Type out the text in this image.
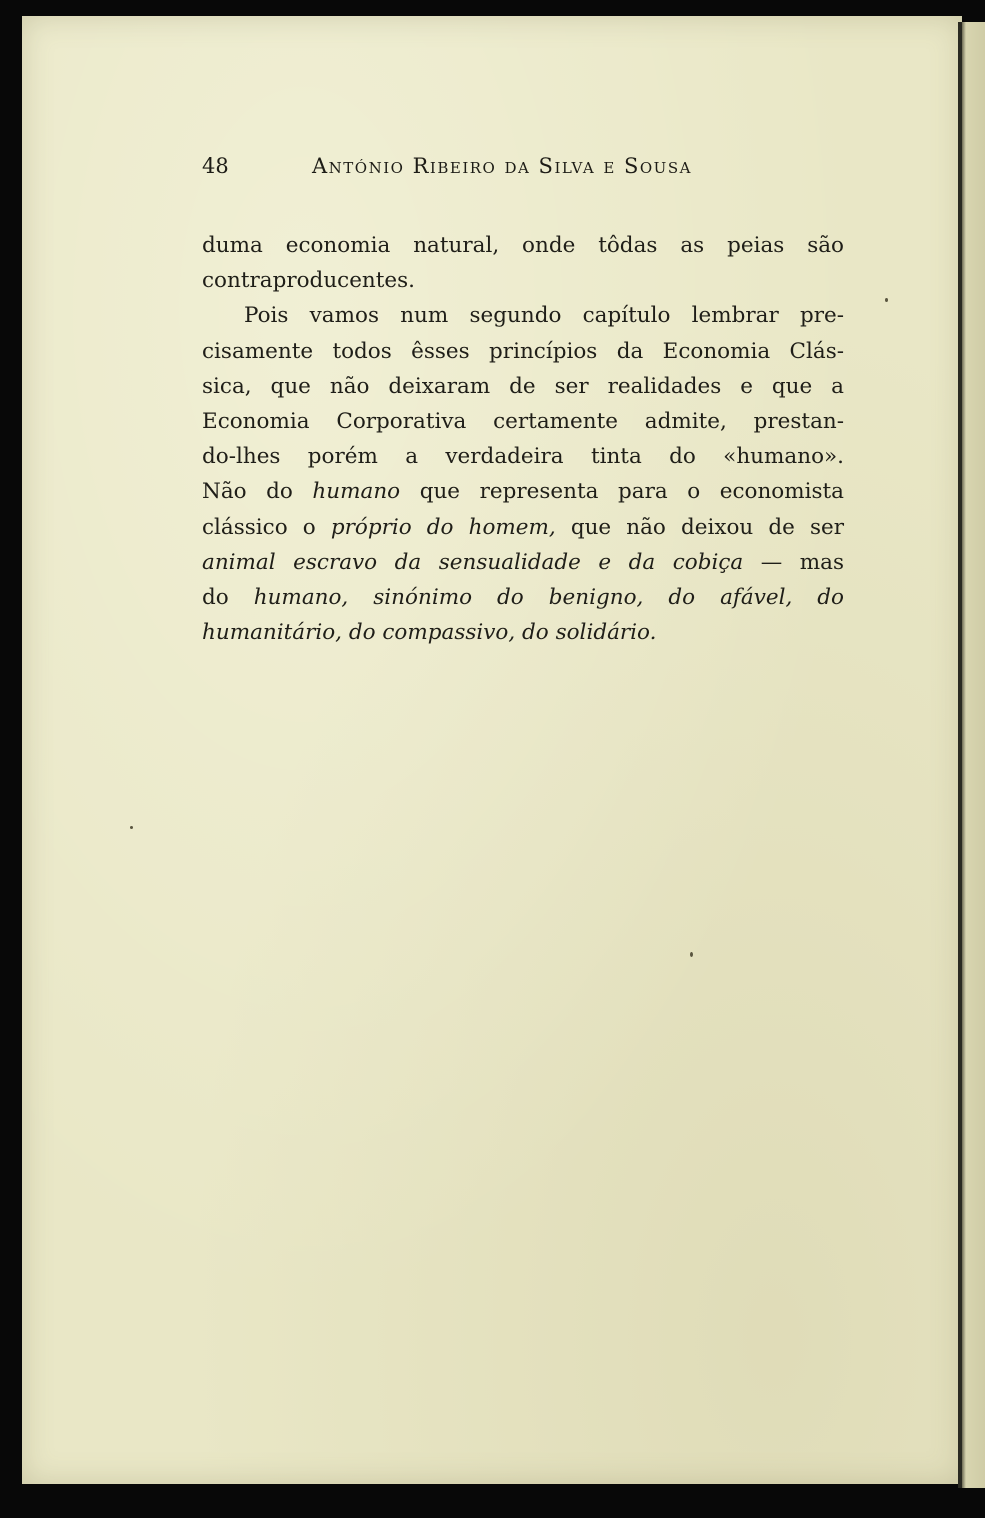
48	António Ribeiro da Silva e Sousa
duma economia natural, onde tôdas as peias são
contraproducentes.
Pois vamos num segundo capítulo lembrar pre-
cisamente todos êsses princípios da Economia Clás-
sica, que não deixaram de ser realidades e que a
Economia Corporativa certamente admite, prestan-
do-lhes porém a verdadeira tinta do «humano».
Não do humano que representa para o economista
clássico o próprio do homem, que não deixou de ser
animal escravo da sensualidade e da cobiça — mas
do humano, sinónimo do benigno, do afável, do
humanitário, do compassivo, do solidário.
